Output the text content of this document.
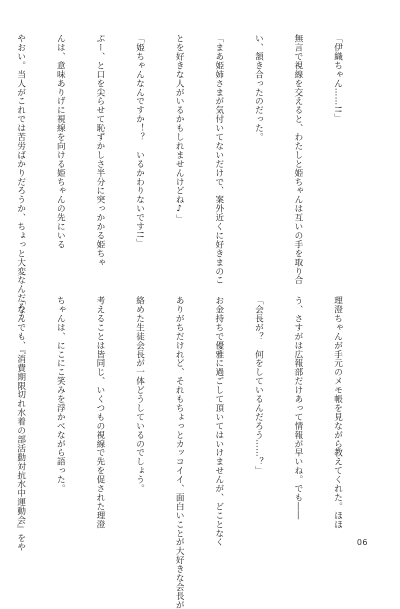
「伊織ちゃん……!!」

無言で視線を交えると、わたしと姫ちゃんは互いの手を取り合

い、頷き合ったのだった。

「まあ姫姉さまが気付いてないだけで、案外近くに好きまのこ

とを好きな人がいるかもしれませんけどね♪」

「姫ちゃんなんですか！？　いるかわりないです!!」

ぷー、と口を尖らせて恥ずかしさ半分に突っかかる姫ちゃ

んは、意味ありげに視線を向ける姫ちゃんの先にいる

やおい。当人がこれでは苦労ばかりだろうか、ちょっと大変なんだろう

理澄ちゃんが手元のメモ帳を見ながら教えてくれた。ほほ

う、さすがは広報部だけあって情報が早いね。でも――

「会長が？　何をしているんだろう……？」

お金持ちで優雅に過ごして頂いてはいけませんが、どことなく

ありがちだけれど、それもちょっとカッコイイ、面白いことが大好きな会長が

絡めた生徒会長が一体どうしているのでしょう。

考えることは皆同じ、いくつもの視線で先を促された理澄

ちゃんは、にこにこ笑みを浮かべながら語った。

「なんでも、『消費期限切れ水着の部活動対抗水中運動会』をや

	06
